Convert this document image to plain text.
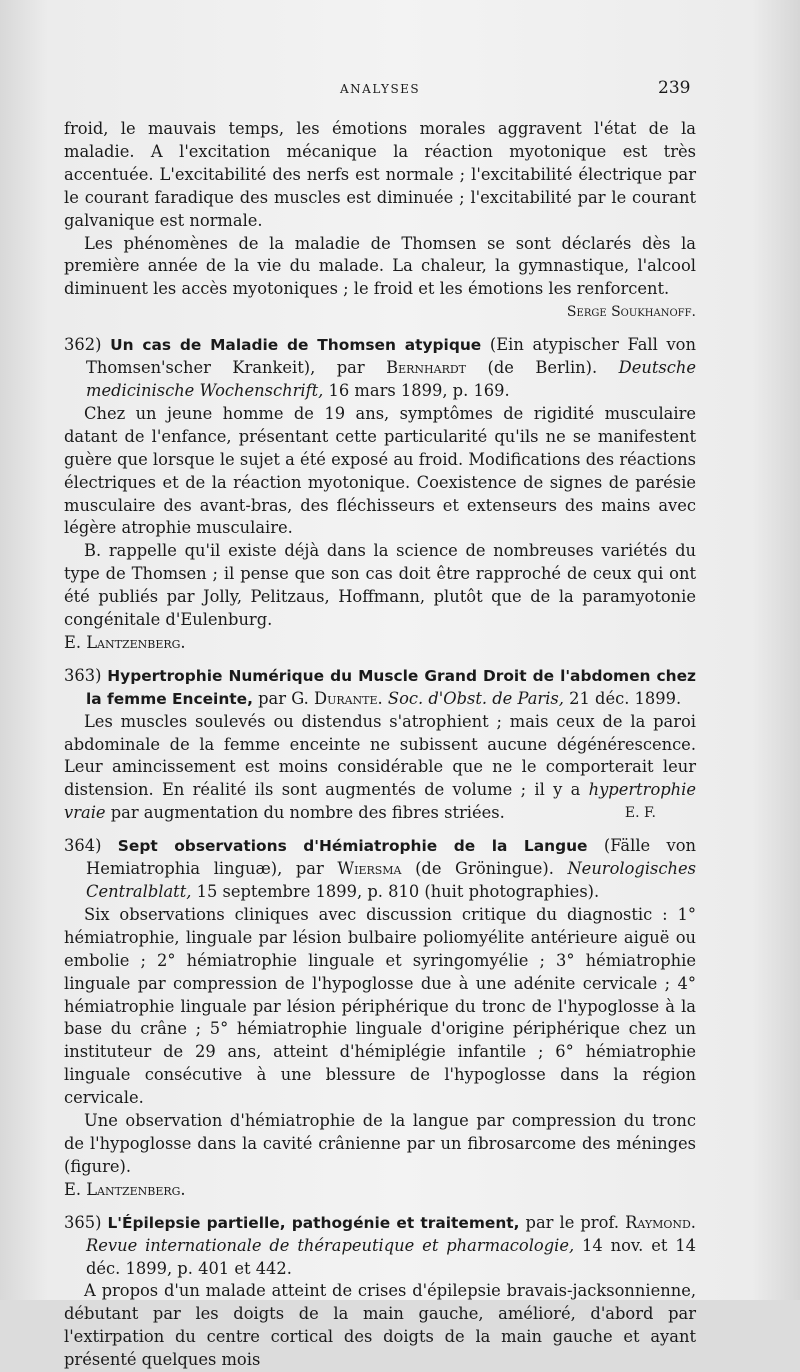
ANALYSES	239

froid, le mauvais temps, les émotions morales aggravent l'état de la maladie. A l'excitation mécanique la réaction myotonique est très accentuée. L'excitabilité des nerfs est normale ; l'excitabilité électrique par le courant faradique des muscles est diminuée ; l'excitabilité par le courant galvanique est normale.

Les phénomènes de la maladie de Thomsen se sont déclarés dès la première année de la vie du malade. La chaleur, la gymnastique, l'alcool diminuent les accès myotoniques ; le froid et les émotions les renforcent.
Serge Soukhanoff.

362) Un cas de Maladie de Thomsen atypique (Ein atypischer Fall von Thomsen'scher Krankeit), par Bernhardt (de Berlin). Deutsche medicinische Wochenschrift, 16 mars 1899, p. 169.

Chez un jeune homme de 19 ans, symptômes de rigidité musculaire datant de l'enfance, présentant cette particularité qu'ils ne se manifestent guère que lorsque le sujet a été exposé au froid. Modifications des réactions électriques et de la réaction myotonique. Coexistence de signes de parésie musculaire des avant-bras, des fléchisseurs et extenseurs des mains avec légère atrophie musculaire.

B. rappelle qu'il existe déjà dans la science de nombreuses variétés du type de Thomsen ; il pense que son cas doit être rapproché de ceux qui ont été publiés par Jolly, Pelitzaus, Hoffmann, plutôt que de la paramyotonie congénitale d'Eulenburg.

E. Lantzenberg.

363) Hypertrophie Numérique du Muscle Grand Droit de l'abdomen chez la femme Enceinte, par G. Durante. Soc. d'Obst. de Paris, 21 déc. 1899.

Les muscles soulevés ou distendus s'atrophient ; mais ceux de la paroi abdominale de la femme enceinte ne subissent aucune dégénérescence. Leur amincissement est moins considérable que ne le comporterait leur distension. En réalité ils sont augmentés de volume ; il y a hypertrophie vraie par augmentation du nombre des fibres striées.	E. F.

364) Sept observations d'Hémiatrophie de la Langue (Fälle von Hemiatrophia linguæ), par Wiersma (de Gröningue). Neurologisches Centralblatt, 15 septembre 1899, p. 810 (huit photographies).

Six observations cliniques avec discussion critique du diagnostic : 1° hémiatrophie, linguale par lésion bulbaire poliomyélite antérieure aiguë ou embolie ; 2° hémiatrophie linguale et syringomyélie ; 3° hémiatrophie linguale par compression de l'hypoglosse due à une adénite cervicale ; 4° hémiatrophie linguale par lésion périphérique du tronc de l'hypoglosse à la base du crâne ; 5° hémiatrophie linguale d'origine périphérique chez un instituteur de 29 ans, atteint d'hémiplégie infantile ; 6° hémiatrophie linguale consécutive à une blessure de l'hypoglosse dans la région cervicale.

Une observation d'hémiatrophie de la langue par compression du tronc de l'hypoglosse dans la cavité crânienne par un fibrosarcome des méninges (figure).

E. Lantzenberg.

365) L'Épilepsie partielle, pathogénie et traitement, par le prof. Raymond. Revue internationale de thérapeutique et pharmacologie, 14 nov. et 14 déc. 1899, p. 401 et 442.

A propos d'un malade atteint de crises d'épilepsie bravais-jacksonnienne, débutant par les doigts de la main gauche, amélioré, d'abord par l'extirpation du centre cortical des doigts de la main gauche et ayant présenté quelques mois
